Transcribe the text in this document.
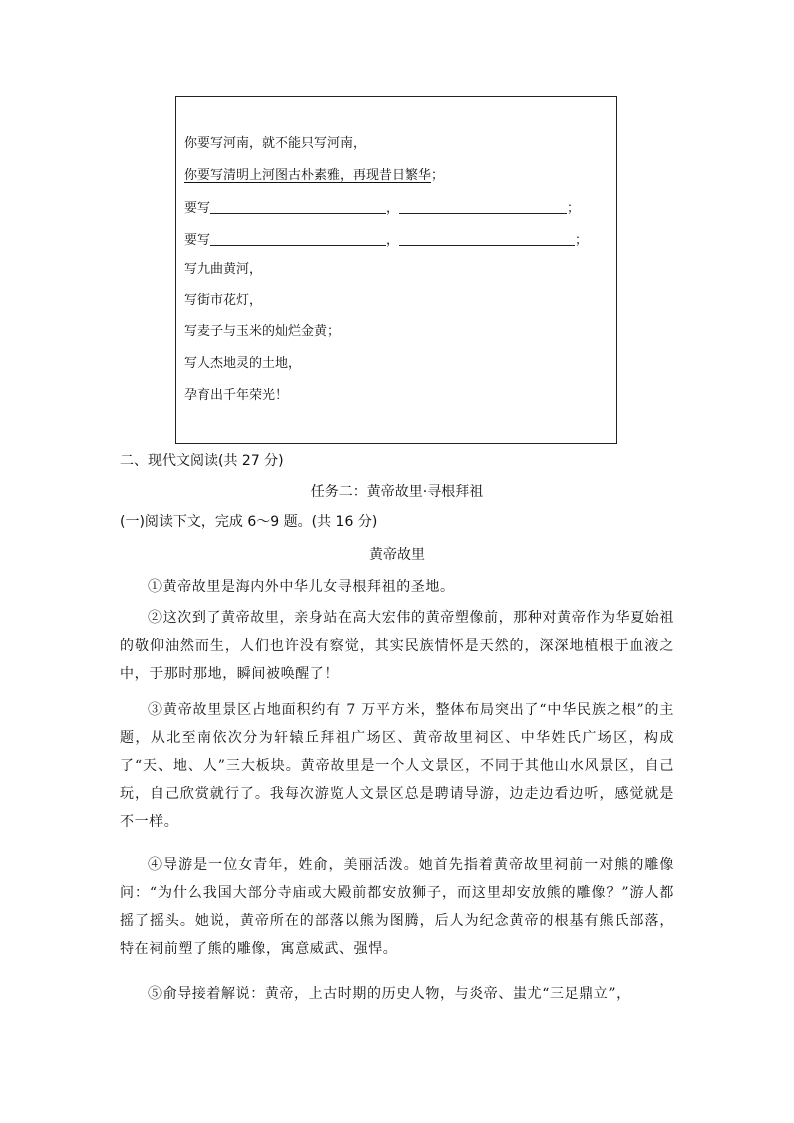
你要写河南，就不能只写河南，
你要写清明上河图古朴素雅，再现昔日繁华；
要写	，	；
要写	，	；
写九曲黄河，
写街市花灯，
写麦子与玉米的灿烂金黄；
写人杰地灵的土地，
孕育出千年荣光！
二、现代文阅读(共 27 分)
任务二：黄帝故里·寻根拜祖
(一)阅读下文，完成 6～9 题。(共 16 分)
黄帝故里

①黄帝故里是海内外中华儿女寻根拜祖的圣地。

②这次到了黄帝故里，亲身站在高大宏伟的黄帝塑像前，那种对黄帝作为华夏始祖的敬仰油然而生，人们也许没有察觉，其实民族情怀是天然的，深深地植根于血液之中，于那时那地，瞬间被唤醒了！

③黄帝故里景区占地面积约有 7 万平方米，整体布局突出了“中华民族之根”的主题，从北至南依次分为轩辕丘拜祖广场区、黄帝故里祠区、中华姓氏广场区，构成了“天、地、人”三大板块。黄帝故里是一个人文景区，不同于其他山水风景区，自己玩，自己欣赏就行了。我每次游览人文景区总是聘请导游，边走边看边听，感觉就是不一样。

④导游是一位女青年，姓俞，美丽活泼。她首先指着黄帝故里祠前一对熊的雕像问：“为什么我国大部分寺庙或大殿前都安放狮子，而这里却安放熊的雕像？”游人都摇了摇头。她说，黄帝所在的部落以熊为图腾，后人为纪念黄帝的根基有熊氏部落，特在祠前塑了熊的雕像，寓意威武、强悍。

⑤俞导接着解说：黄帝，上古时期的历史人物，与炎帝、蚩尤“三足鼎立”，
